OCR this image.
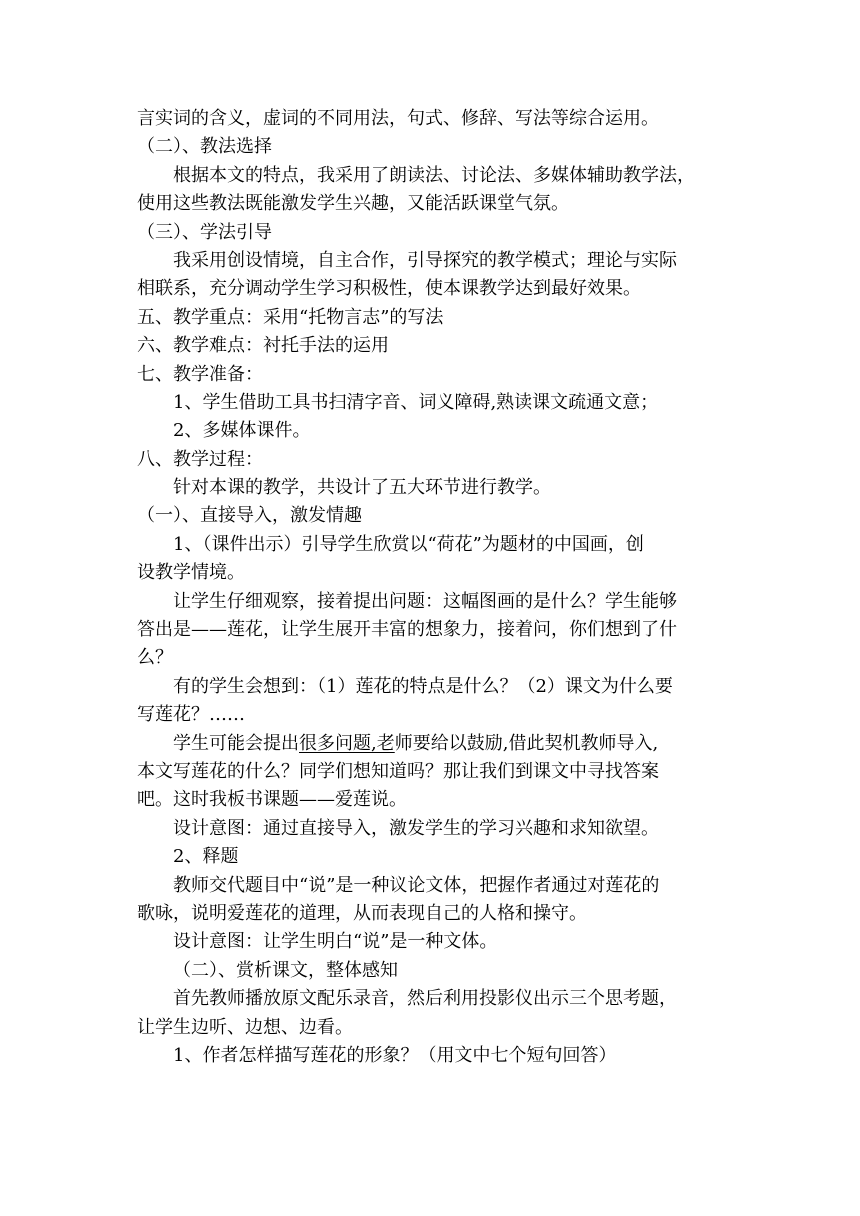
言实词的含义，虚词的不同用法，句式、修辞、写法等综合运用。
（二）、教法选择
根据本文的特点，我采用了朗读法、讨论法、多媒体辅助教学法，
使用这些教法既能激发学生兴趣，又能活跃课堂气氛。
（三）、学法引导
我采用创设情境，自主合作，引导探究的教学模式；理论与实际
相联系，充分调动学生学习积极性，使本课教学达到最好效果。
五、教学重点：采用“托物言志”的写法
六、教学难点：衬托手法的运用
七、教学准备：
1、学生借助工具书扫清字音、词义障碍,熟读课文疏通文意；
2、多媒体课件。
八、教学过程：
针对本课的教学，共设计了五大环节进行教学。
（一）、直接导入，激发情趣
1、（课件出示）引导学生欣赏以“荷花”为题材的中国画，创
设教学情境。
让学生仔细观察，接着提出问题：这幅图画的是什么？学生能够
答出是——莲花，让学生展开丰富的想象力，接着问，你们想到了什
么？
有的学生会想到：（1）莲花的特点是什么？（2）课文为什么要
写莲花？……
学生可能会提出很多问题,老师要给以鼓励,借此契机教师导入,
本文写莲花的什么？同学们想知道吗？那让我们到课文中寻找答案
吧。这时我板书课题——爱莲说。
设计意图：通过直接导入，激发学生的学习兴趣和求知欲望。
2、释题
教师交代题目中“说”是一种议论文体，把握作者通过对莲花的
歌咏，说明爱莲花的道理，从而表现自己的人格和操守。
设计意图：让学生明白“说”是一种文体。
（二）、赏析课文，整体感知
首先教师播放原文配乐录音，然后利用投影仪出示三个思考题，
让学生边听、边想、边看。
1、作者怎样描写莲花的形象？（用文中七个短句回答）
